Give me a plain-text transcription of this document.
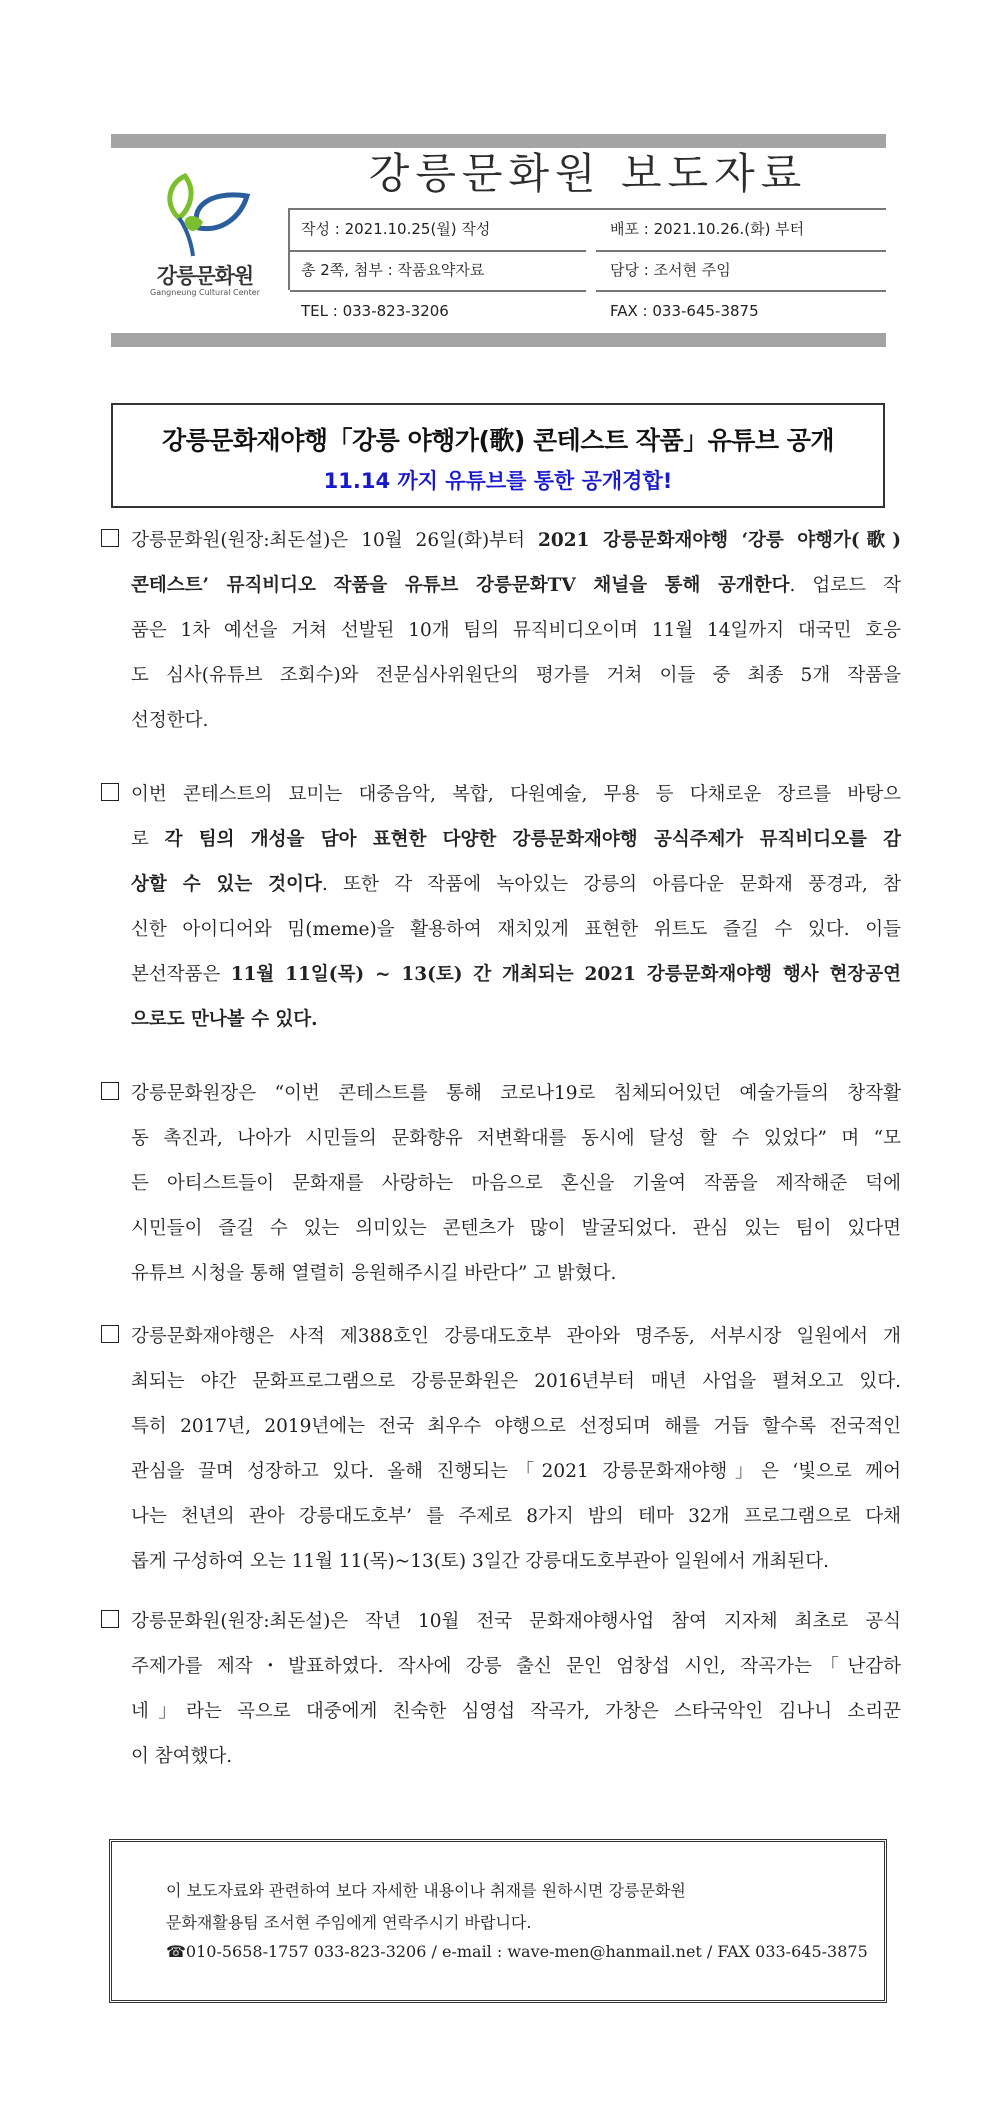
강릉문화원
Gangneung Cultural Center
강릉문화원 보도자료
작성 : 2021.10.25(월) 작성	배포 : 2021.10.26.(화) 부터
총 2쪽, 첨부 : 작품요약자료	담당 : 조서현 주임
TEL : 033-823-3206	FAX : 033-645-3875
강릉문화재야행「강릉 야행가(歌) 콘테스트 작품」유튜브 공개
11.14 까지 유튜브를 통한 공개경합!
강릉문화원(원장:최돈설)은 10월 26일(화)부터 2021 강릉문화재야행 ‘강릉 야행가(歌)
콘테스트’ 뮤직비디오 작품을 유튜브 강릉문화TV 채널을 통해 공개한다. 업로드 작
품은 1차 예선을 거쳐 선발된 10개 팀의 뮤직비디오이며 11월 14일까지 대국민 호응
도 심사(유튜브 조회수)와 전문심사위원단의 평가를 거쳐 이들 중 최종 5개 작품을
선정한다.
이번 콘테스트의 묘미는 대중음악, 복합, 다원예술, 무용 등 다채로운 장르를 바탕으
로 각 팀의 개성을 담아 표현한 다양한 강릉문화재야행 공식주제가 뮤직비디오를 감
상할 수 있는 것이다. 또한 각 작품에 녹아있는 강릉의 아름다운 문화재 풍경과, 참
신한 아이디어와 밈(meme)을 활용하여 재치있게 표현한 위트도 즐길 수 있다. 이들
본선작품은 11월 11일(목) ~ 13(토) 간 개최되는 2021 강릉문화재야행 행사 현장공연
으로도 만나볼 수 있다.
강릉문화원장은 “이번 콘테스트를 통해 코로나19로 침체되어있던 예술가들의 창작활
동 촉진과, 나아가 시민들의 문화향유 저변확대를 동시에 달성 할 수 있었다” 며 “모
든 아티스트들이 문화재를 사랑하는 마음으로 혼신을 기울여 작품을 제작해준 덕에
시민들이 즐길 수 있는 의미있는 콘텐츠가 많이 발굴되었다. 관심 있는 팀이 있다면
유튜브 시청을 통해 열렬히 응원해주시길 바란다” 고 밝혔다.
강릉문화재야행은 사적 제388호인 강릉대도호부 관아와 명주동, 서부시장 일원에서 개
최되는 야간 문화프로그램으로 강릉문화원은 2016년부터 매년 사업을 펼쳐오고 있다.
특히 2017년, 2019년에는 전국 최우수 야행으로 선정되며 해를 거듭 할수록 전국적인
관심을 끌며 성장하고 있다. 올해 진행되는「2021 강릉문화재야행」은 ‘빛으로 께어
나는 천년의 관아 강릉대도호부’ 를 주제로 8가지 밤의 테마 32개 프로그램으로 다채
롭게 구성하여 오는 11월 11(목)~13(토) 3일간 강릉대도호부관아 일원에서 개최된다.
강릉문화원(원장:최돈설)은 작년 10월 전국 문화재야행사업 참여 지자체 최초로 공식
주제가를 제작・발표하였다. 작사에 강릉 출신 문인 엄창섭 시인, 작곡가는「난감하
네」라는 곡으로 대중에게 친숙한 심영섭 작곡가, 가창은 스타국악인 김나니 소리꾼
이 참여했다.
이 보도자료와 관련하여 보다 자세한 내용이나 취재를 원하시면 강릉문화원
문화재활용팀 조서현 주임에게 연락주시기 바랍니다.
☎010-5658-1757 033-823-3206 / e-mail : wave-men@hanmail.net / FAX 033-645-3875
